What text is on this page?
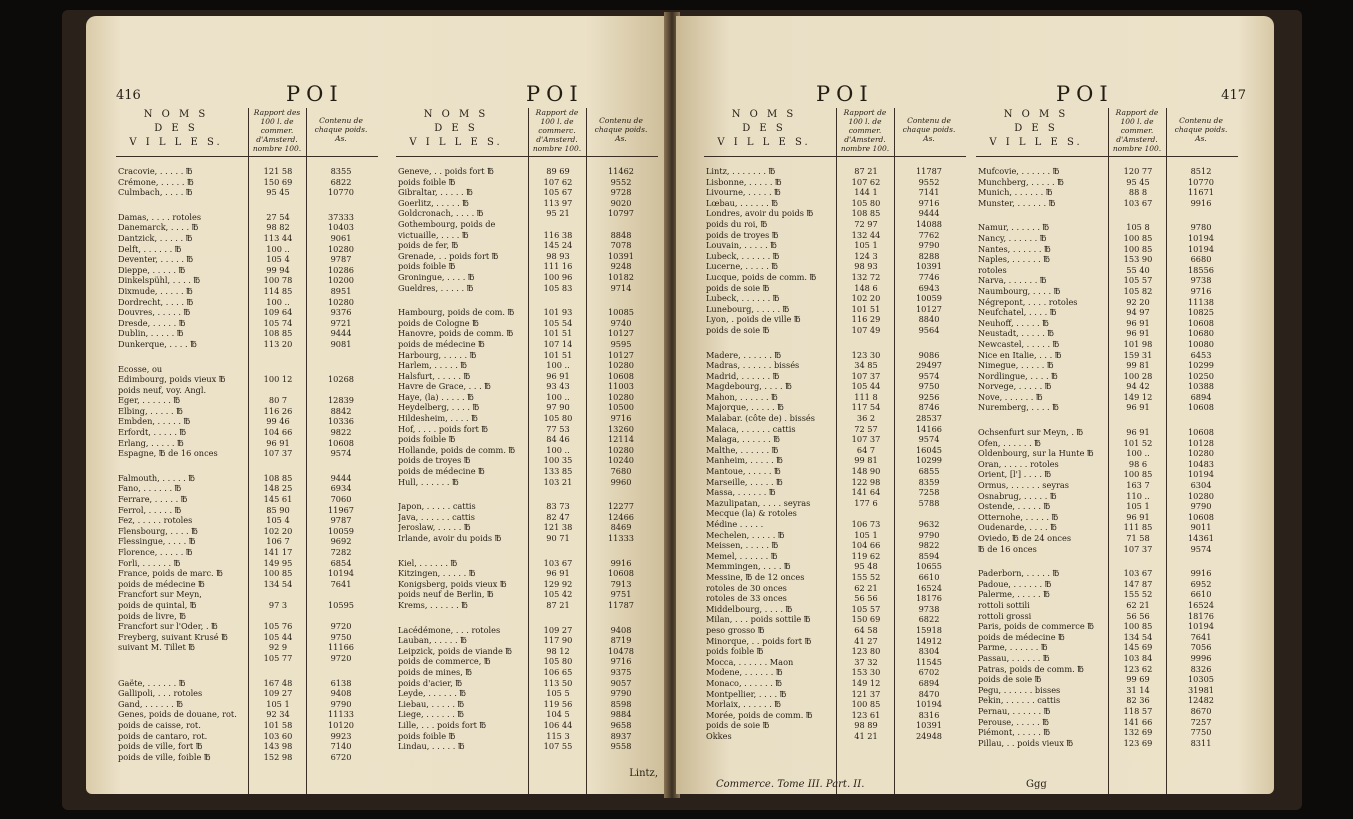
416	POI	POI
N O M S
D E S
V I L L E S.
Rapport des 100 l. de commer. d'Amsterd. nombre 100.
Contenu de chaque poids. As.
Cracovie, . . . . . ℔	121 58	8355
Crémone, . . . . . ℔	150 69	6822
Culmbach, . . . . ℔	95 45	10770
Damas, . . . . rotoles	27 54	37333
Danemarck, . . . . ℔	98 82	10403
Dantzick, . . . . . ℔	113 44	9061
Delft, . . . . . . ℔	100 ..	10280
Deventer, . . . . . ℔	105 4	9787
Dieppe, . . . . . ℔	99 94	10286
Dinkelspühl, . . . . ℔	100 78	10200
Dixmude, . . . . . ℔	114 85	8951
Dordrecht, . . . . ℔	100 ..	10280
Douvres, . . . . . ℔	109 64	9376
Dresde, . . . . . ℔	105 74	9721
Dublin, . . . . . ℔	108 85	9444
Dunkerque, . . . . ℔	113 20	9081
Ecosse, ou
Edimbourg, poids vieux ℔	100 12	10268
poids neuf, voy. Angl.
Eger, . . . . . . ℔	80 7	12839
Elbing, . . . . . ℔	116 26	8842
Embden, . . . . . ℔	99 46	10336
Erfordt, . . . . . ℔	104 66	9822
Erlang, . . . . . ℔	96 91	10608
Espagne, ℔ de 16 onces	107 37	9574
Falmouth, . . . . . ℔	108 85	9444
Fano, . . . . . . ℔	148 25	6934
Ferrare, . . . . . ℔	145 61	7060
Ferrol, . . . . . ℔	85 90	11967
Fez, . . . . . rotoles	105 4	9787
Flensbourg, . . . . ℔	102 20	10059
Flessingue, . . . . ℔	106 7	9692
Florence, . . . . . ℔	141 17	7282
Forli, . . . . . . ℔	149 95	6854
France, poids de marc. ℔	100 85	10194
poids de médecine ℔	134 54	7641
Francfort sur Meyn,
poids de quintal, ℔	97 3	10595
poids de livre, ℔
Francfort sur l'Oder, . ℔	105 76	9720
Freyberg, suivant Krusé ℔	105 44	9750
suivant M. Tillet ℔	92 9	11166
105 77	9720
Gaëte, . . . . . . ℔	167 48	6138
Gallipoli, . . . rotoles	109 27	9408
Gand, . . . . . . ℔	105 1	9790
Genes, poids de douane, rot.	92 34	11133
poids de caisse, rot.	101 58	10120
poids de cantaro, rot.	103 60	9923
poids de ville, fort ℔	143 98	7140
poids de ville, foible ℔	152 98	6720
N O M S
D E S
V I L L E S.
Rapport de 100 l. de commerc. d'Amsterd. nombre 100.
Contenu de chaque poids. As.
Geneve, . . poids fort ℔	89 69	11462
poids foible ℔	107 62	9552
Gibraltar, . . . . . ℔	105 67	9728
Goerlitz, . . . . . ℔	113 97	9020
Goldcronach, . . . . ℔	95 21	10797
Gothembourg, poids de
victuaille, . . . . ℔	116 38	8848
poids de fer, ℔	145 24	7078
Grenade, . . poids fort ℔	98 93	10391
poids foible ℔	111 16	9248
Groningue, . . . . ℔	100 96	10182
Gueldres, . . . . . ℔	105 83	9714
Hambourg, poids de com. ℔	101 93	10085
poids de Cologne ℔	105 54	9740
Hanovre, poids de comm. ℔	101 51	10127
poids de médecine ℔	107 14	9595
Harbourg, . . . . . ℔	101 51	10127
Harlem, . . . . . ℔	100 ..	10280
Halsfurt, . . . . . ℔	96 91	10608
Havre de Grace, . . . ℔	93 43	11003
Haye, (la) . . . . . ℔	100 ..	10280
Heydelberg, . . . . ℔	97 90	10500
Hildesheim, . . . . ℔	105 80	9716
Hof, . . . . poids fort ℔	77 53	13260
poids foible ℔	84 46	12114
Hollande, poids de comm. ℔	100 ..	10280
poids de troyes ℔	100 35	10240
poids de médecine ℔	133 85	7680
Hull, . . . . . . ℔	103 21	9960
Japon, . . . . . cattis	83 73	12277
Java, . . . . . . cattis	82 47	12466
Jeroslaw, . . . . . ℔	121 38	8469
Irlande, avoir du poids ℔	90 71	11333
Kiel, . . . . . . ℔	103 67	9916
Kitzingen, . . . . . ℔	96 91	10608
Konigsberg, poids vieux ℔	129 92	7913
poids neuf de Berlin, ℔	105 42	9751
Krems, . . . . . . ℔	87 21	11787
Lacédémone, . . . rotoles	109 27	9408
Lauban, . . . . . ℔	117 90	8719
Leipzick, poids de viande ℔	98 12	10478
poids de commerce, ℔	105 80	9716
poids de mines, ℔	106 65	9375
poids d'acier, ℔	113 50	9057
Leyde, . . . . . . ℔	105 5	9790
Liebau, . . . . . ℔	119 56	8598
Liege, . . . . . . ℔	104 5	9884
Lille, . . . poids fort ℔	106 44	9658
poids foible ℔	115 3	8937
Lindau, . . . . . ℔	107 55	9558
Lintz,
417
POI	POI
N O M S
D E S
V I L L E S.
Rapport de 100 l. de commer. d'Amsterd. nombre 100.
Contenu de chaque poids. As.
Lintz, . . . . . . . ℔	87 21	11787
Lisbonne, . . . . . ℔	107 62	9552
Livourne, . . . . . ℔	144 1	7141
Lœbau, . . . . . . ℔	105 80	9716
Londres, avoir du poids ℔	108 85	9444
poids du roi, ℔	72 97	14088
poids de troyes ℔	132 44	7762
Louvain, . . . . . ℔	105 1	9790
Lubeck, . . . . . . ℔	124 3	8288
Lucerne, . . . . . ℔	98 93	10391
Lucque, poids de comm. ℔	132 72	7746
poids de soie ℔	148 6	6943
Lubeck, . . . . . . ℔	102 20	10059
Lunebourg, . . . . . ℔	101 51	10127
Lyon, . poids de ville ℔	116 29	8840
poids de soie ℔	107 49	9564
Madere, . . . . . . ℔	123 30	9086
Madras, . . . . . . bissés	34 85	29497
Madrid, . . . . . . ℔	107 37	9574
Magdebourg, . . . . ℔	105 44	9750
Mahon, . . . . . . ℔	111 8	9256
Majorque, . . . . . ℔	117 54	8746
Malabar. (côte de) . bissés	36 2	28537
Malaca, . . . . . . cattis	72 57	14166
Malaga, . . . . . . ℔	107 37	9574
Malthe, . . . . . . ℔	64 7	16045
Manheim, . . . . . ℔	99 81	10299
Mantoue, . . . . . ℔	148 90	6855
Marseille, . . . . . ℔	122 98	8359
Massa, . . . . . . ℔	141 64	7258
Mazulipatan, . . . . seyras	177 6	5788
Mecque (la) & rotoles
Médine . . . . .	106 73	9632
Mechelen, . . . . . ℔	105 1	9790
Meissen, . . . . . ℔	104 66	9822
Memel, . . . . . . ℔	119 62	8594
Memmingen, . . . . ℔	95 48	10655
Messine, ℔ de 12 onces	155 52	6610
rotoles de 30 onces	62 21	16524
rotoles de 33 onces	56 56	18176
Middelbourg, . . . . ℔	105 57	9738
Milan, . . . poids sottile ℔	150 69	6822
peso grosso ℔	64 58	15918
Minorque, . . poids fort ℔	41 27	14912
poids foible ℔	123 80	8304
Mocca, . . . . . . Maon	37 32	11545
Modene, . . . . . . ℔	153 30	6702
Monaco, . . . . . . ℔	149 12	6894
Montpellier, . . . . ℔	121 37	8470
Morlaix, . . . . . . ℔	100 85	10194
Morée, poids de comm. ℔	123 61	8316
poids de soie ℔	98 89	10391
Okkes	41 21	24948
N O M S
D E S
V I L L E S.
Rapport de 100 l. de commer. d'Amsterd. nombre 100.
Contenu de chaque poids. As.
Mufcovie, . . . . . . ℔	120 77	8512
Munchberg, . . . . . ℔	95 45	10770
Munich, . . . . . . ℔	88 8	11671
Munster, . . . . . . ℔	103 67	9916
Namur, . . . . . . ℔	105 8	9780
Nancy, . . . . . . ℔	100 85	10194
Nantes, . . . . . . ℔	100 85	10194
Naples, . . . . . . ℔	153 90	6680
rotoles	55 40	18556
Narva, . . . . . . ℔	105 57	9738
Naumbourg, . . . . ℔	105 82	9716
Négrepont, . . . . rotoles	92 20	11138
Neufchatel, . . . . ℔	94 97	10825
Neuhoff, . . . . . ℔	96 91	10608
Neustadt, . . . . . ℔	96 91	10680
Newcastel, . . . . . ℔	101 98	10080
Nice en Italie, . . . ℔	159 31	6453
Nimegue, . . . . . ℔	99 81	10299
Nordlingue, . . . . ℔	100 28	10250
Norvege, . . . . . ℔	94 42	10388
Nove, . . . . . . ℔	149 12	6894
Nuremberg, . . . . ℔	96 91	10608
Ochsenfurt sur Meyn, . ℔	96 91	10608
Ofen, . . . . . . ℔	101 52	10128
Oldenbourg, sur la Hunte ℔	100 ..	10280
Oran, . . . . . rotoles	98 6	10483
Orient, [l'] . . . . ℔	100 85	10194
Ormus, . . . . . . seyras	163 7	6304
Osnabrug, . . . . . ℔	110 ..	10280
Ostende, . . . . . ℔	105 1	9790
Otternohe, . . . . . ℔	96 91	10608
Oudenarde, . . . . ℔	111 85	9011
Oviedo, ℔ de 24 onces	71 58	14361
℔ de 16 onces	107 37	9574
Paderborn, . . . . . ℔	103 67	9916
Padoue, . . . . . . ℔	147 87	6952
Palerme, . . . . . ℔	155 52	6610
rottoli sottili	62 21	16524
rottoli grossi	56 56	18176
Paris, poids de commerce ℔	100 85	10194
poids de médecine ℔	134 54	7641
Parme, . . . . . . ℔	145 69	7056
Passau, . . . . . . ℔	103 84	9996
Patras, poids de comm. ℔	123 62	8326
poids de soie ℔	99 69	10305
Pegu, . . . . . . bisses	31 14	31981
Pekin, . . . . . . cattis	82 36	12482
Pernau, . . . . . . ℔	118 57	8670
Perouse, . . . . . ℔	141 66	7257
Piémont, . . . . . ℔	132 69	7750
Pillau, . . poids vieux ℔	123 69	8311
Ggg
Commerce. Tome III. Part. II.
